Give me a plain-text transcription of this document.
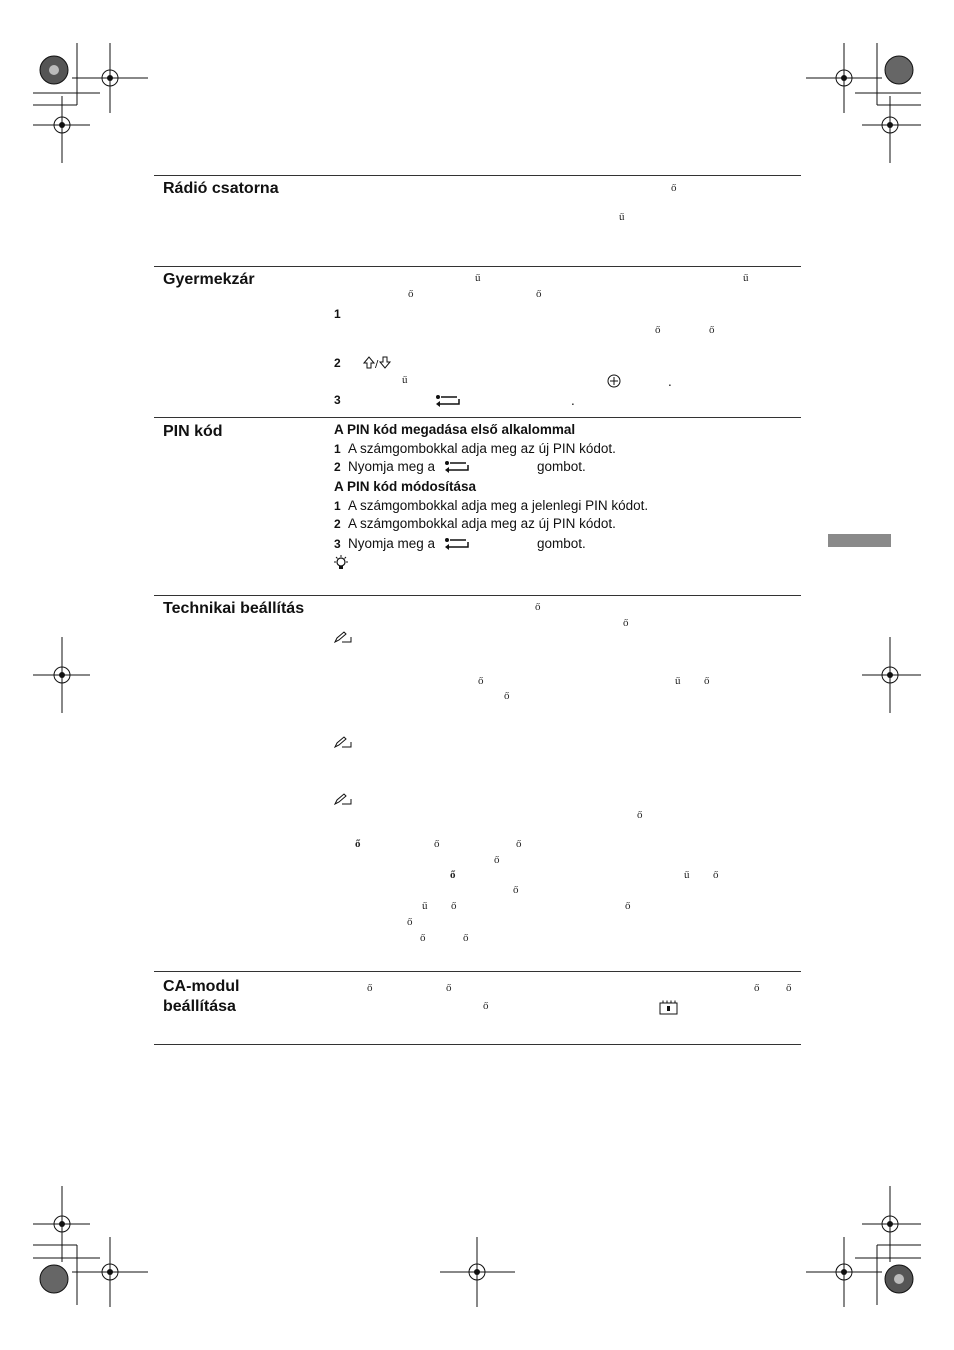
Rádió csatorna	ő
ű
Gyermekzár	ű	ű
ő	ő
1
ő	ő
2	/
ű	.
3	.
PIN kód	A PIN kód megadása első alkalommal
1 A számgombokkal adja meg az új PIN kódot.
2 Nyomja meg a	gombot.
A PIN kód módosítása
1 A számgombokkal adja meg a jelenlegi PIN kódot.
2 A számgombokkal adja meg az új PIN kódot.
3 Nyomja meg a	gombot.
Technikai beállítás	ő
ő
ő	ű ő
ő
ő
ő	ő	ő
ő
ő	ű ő
ő
ű ő	ő
ő
ő	ő
CA-modul
beállítása
ő	ő	ő ő
ő
